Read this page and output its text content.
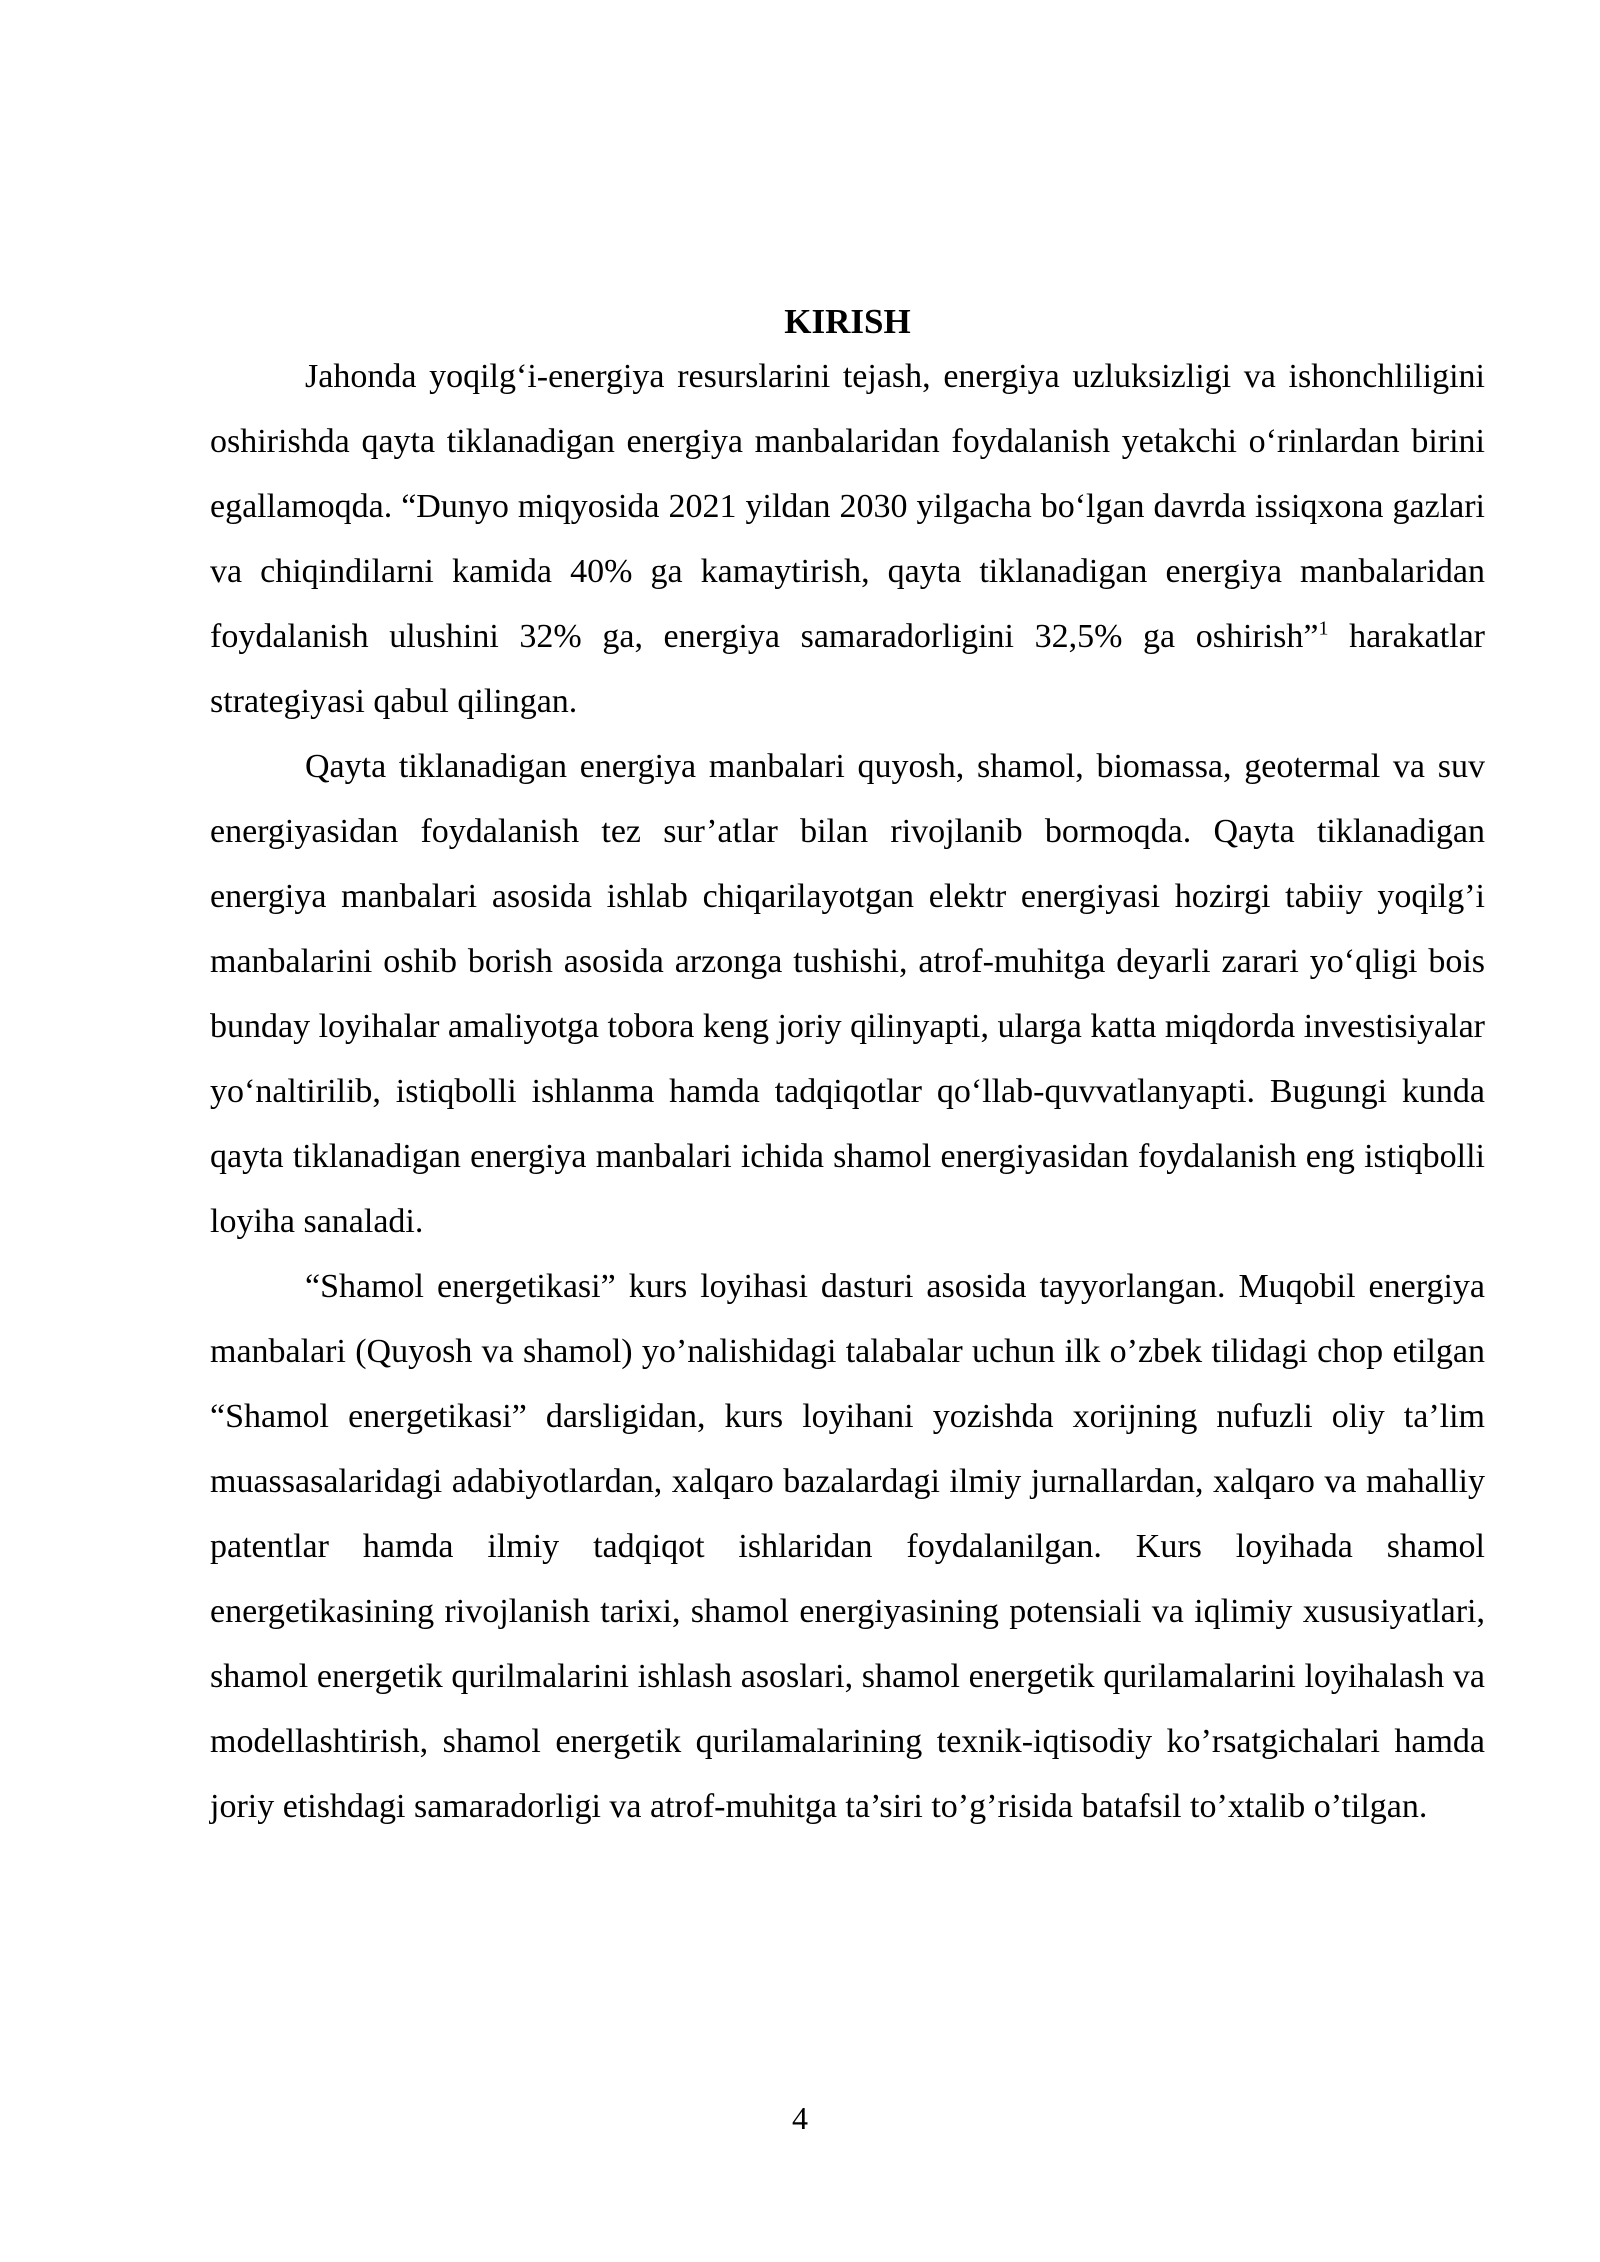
KIRISH

Jahonda yoqilg‘i-energiya resurslarini tejash, energiya uzluksizligi va ishonchliligini oshirishda qayta tiklanadigan energiya manbalaridan foydalanish yetakchi o‘rinlardan birini egallamoqda. “Dunyo miqyosida 2021 yildan 2030 yilgacha bo‘lgan davrda issiqxona gazlari va chiqindilarni kamida 40% ga kamaytirish, qayta tiklanadigan energiya manbalaridan foydalanish ulushini 32% ga, energiya samaradorligini 32,5% ga oshirish”$^1$ harakatlar strategiyasi qabul qilingan.

Qayta tiklanadigan energiya manbalari quyosh, shamol, biomassa, geotermal va suv energiyasidan foydalanish tez sur’atlar bilan rivojlanib bormoqda. Qayta tiklanadigan energiya manbalari asosida ishlab chiqarilayotgan elektr energiyasi hozirgi tabiiy yoqilg’i manbalarini oshib borish asosida arzonga tushishi, atrof-muhitga deyarli zarari yo‘qligi bois bunday loyihalar amaliyotga tobora keng joriy qilinyapti, ularga katta miqdorda investisiyalar yo‘naltirilib, istiqbolli ishlanma hamda tadqiqotlar qo‘llab-quvvatlanyapti. Bugungi kunda qayta tiklanadigan energiya manbalari ichida shamol energiyasidan foydalanish eng istiqbolli loyiha sanaladi.

“Shamol energetikasi” kurs loyihasi dasturi asosida tayyorlangan. Muqobil energiya manbalari (Quyosh va shamol) yo’nalishidagi talabalar uchun ilk o’zbek tilidagi chop etilgan “Shamol energetikasi” darsligidan, kurs loyihani yozishda xorijning nufuzli oliy ta’lim muassasalaridagi adabiyotlardan, xalqaro bazalardagi ilmiy jurnallardan, xalqaro va mahalliy patentlar hamda ilmiy tadqiqot ishlaridan foydalanilgan. Kurs loyihada shamol energetikasining rivojlanish tarixi, shamol energiyasining potensiali va iqlimiy xususiyatlari, shamol energetik qurilmalarini ishlash asoslari, shamol energetik qurilamalarini loyihalash va modellashtirish, shamol energetik qurilamalarining texnik-iqtisodiy ko’rsatgichalari hamda joriy etishdagi samaradorligi va atrof-muhitga ta’siri to’g’risida batafsil to’xtalib o’tilgan.

4
